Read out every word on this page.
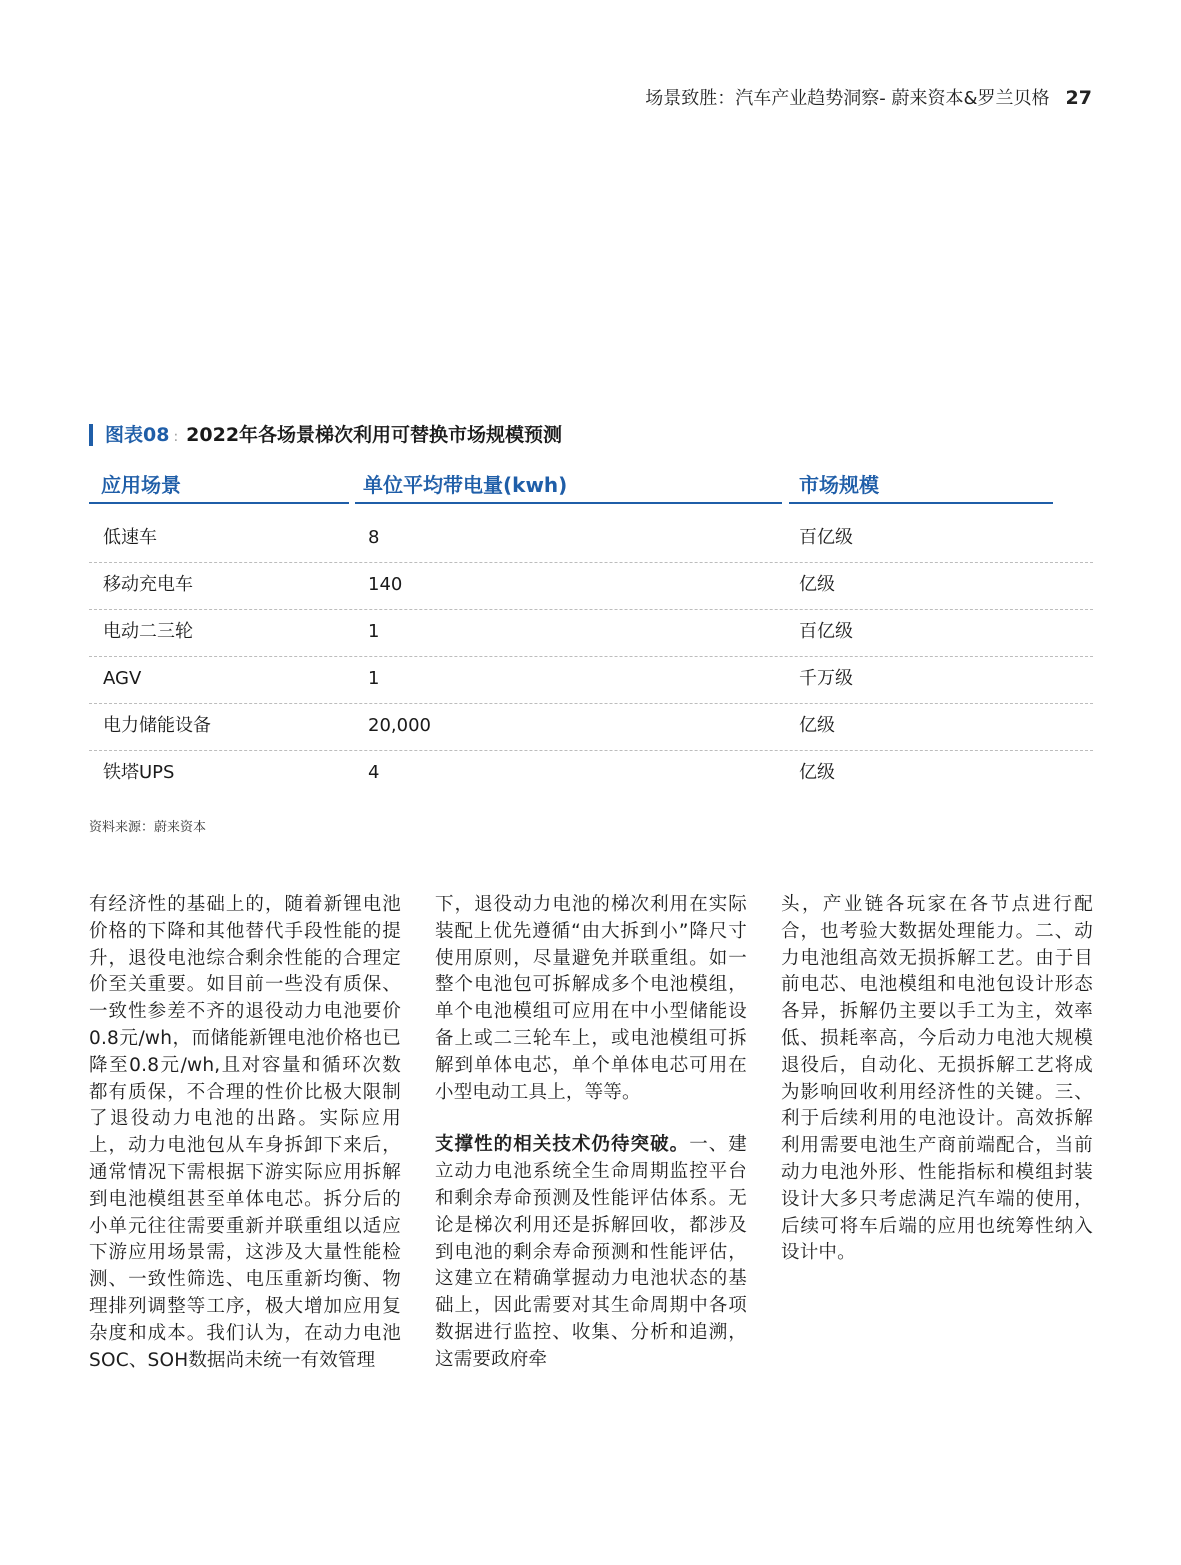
场景致胜：汽车产业趋势洞察- 蔚来资本&罗兰贝格 27
图表08 : 2022年各场景梯次利用可替换市场规模预测
应用场景	单位平均带电量(kwh)	市场规模
低速车	8	百亿级
移动充电车	140	亿级
电动二三轮	1	百亿级
AGV	1	千万级
电力储能设备	20,000	亿级
铁塔UPS	4	亿级
资料来源：蔚来资本

有经济性的基础上的，随着新锂电池价格的下降和其他替代手段性能的提升，退役电池综合剩余性能的合理定价至关重要。如目前一些没有质保、一致性参差不齐的退役动力电池要价0.8元/wh，而储能新锂电池价格也已降至0.8元/wh,且对容量和循环次数都有质保，不合理的性价比极大限制了退役动力电池的出路。实际应用上，动力电池包从车身拆卸下来后，通常情况下需根据下游实际应用拆解到电池模组甚至单体电芯。拆分后的小单元往往需要重新并联重组以适应下游应用场景需，这涉及大量性能检测、一致性筛选、电压重新均衡、物理排列调整等工序，极大增加应用复杂度和成本。我们认为，在动力电池SOC、SOH数据尚未统一有效管理

下，退役动力电池的梯次利用在实际装配上优先遵循“由大拆到小”降尺寸使用原则，尽量避免并联重组。如一整个电池包可拆解成多个电池模组，单个电池模组可应用在中小型储能设备上或二三轮车上，或电池模组可拆解到单体电芯，单个单体电芯可用在小型电动工具上，等等。

支撑性的相关技术仍待突破。一、建立动力电池系统全生命周期监控平台和剩余寿命预测及性能评估体系。无论是梯次利用还是拆解回收，都涉及到电池的剩余寿命预测和性能评估，这建立在精确掌握动力电池状态的基础上，因此需要对其生命周期中各项数据进行监控、收集、分析和追溯，这需要政府牵

头，产业链各玩家在各节点进行配合，也考验大数据处理能力。二、动力电池组高效无损拆解工艺。由于目前电芯、电池模组和电池包设计形态各异，拆解仍主要以手工为主，效率低、损耗率高，今后动力电池大规模退役后，自动化、无损拆解工艺将成为影响回收利用经济性的关键。三、利于后续利用的电池设计。高效拆解利用需要电池生产商前端配合，当前动力电池外形、性能指标和模组封装设计大多只考虑满足汽车端的使用，后续可将车后端的应用也统筹性纳入设计中。
